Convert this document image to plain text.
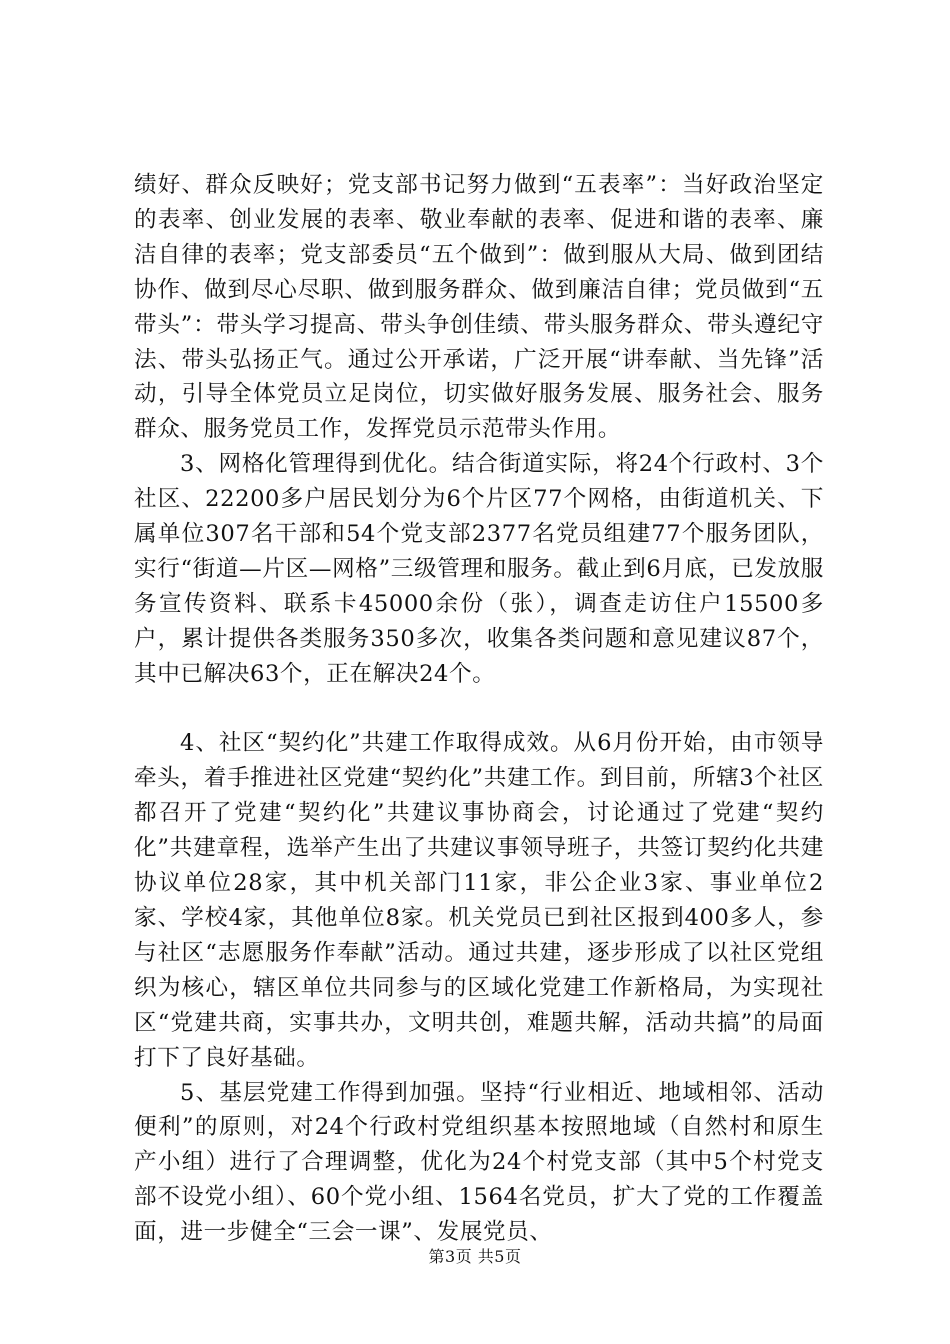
绩好、群众反映好；党支部书记努力做到“五表率”：当好政治坚定的表率、创业发展的表率、敬业奉献的表率、促进和谐的表率、廉洁自律的表率；党支部委员“五个做到”：做到服从大局、做到团结协作、做到尽心尽职、做到服务群众、做到廉洁自律；党员做到“五带头”：带头学习提高、带头争创佳绩、带头服务群众、带头遵纪守法、带头弘扬正气。通过公开承诺，广泛开展“讲奉献、当先锋”活动，引导全体党员立足岗位，切实做好服务发展、服务社会、服务群众、服务党员工作，发挥党员示范带头作用。

3、网格化管理得到优化。结合街道实际，将24个行政村、3个社区、22200多户居民划分为6个片区77个网格，由街道机关、下属单位307名干部和54个党支部2377名党员组建77个服务团队，实行“街道—片区—网格”三级管理和服务。截止到6月底，已发放服务宣传资料、联系卡45000余份（张），调查走访住户15500多户，累计提供各类服务350多次，收集各类问题和意见建议87个，其中已解决63个，正在解决24个。

4、社区“契约化”共建工作取得成效。从6月份开始，由市领导牵头，着手推进社区党建“契约化”共建工作。到目前，所辖3个社区都召开了党建“契约化”共建议事协商会，讨论通过了党建“契约化”共建章程，选举产生出了共建议事领导班子，共签订契约化共建协议单位28家，其中机关部门11家，非公企业3家、事业单位2家、学校4家，其他单位8家。机关党员已到社区报到400多人，参与社区“志愿服务作奉献”活动。通过共建，逐步形成了以社区党组织为核心，辖区单位共同参与的区域化党建工作新格局，为实现社区“党建共商，实事共办，文明共创，难题共解，活动共搞”的局面打下了良好基础。

5、基层党建工作得到加强。坚持“行业相近、地域相邻、活动便利”的原则，对24个行政村党组织基本按照地域（自然村和原生产小组）进行了合理调整，优化为24个村党支部（其中5个村党支部不设党小组）、60个党小组、1564名党员，扩大了党的工作覆盖面，进一步健全“三会一课”、发展党员、

第3页 共5页
